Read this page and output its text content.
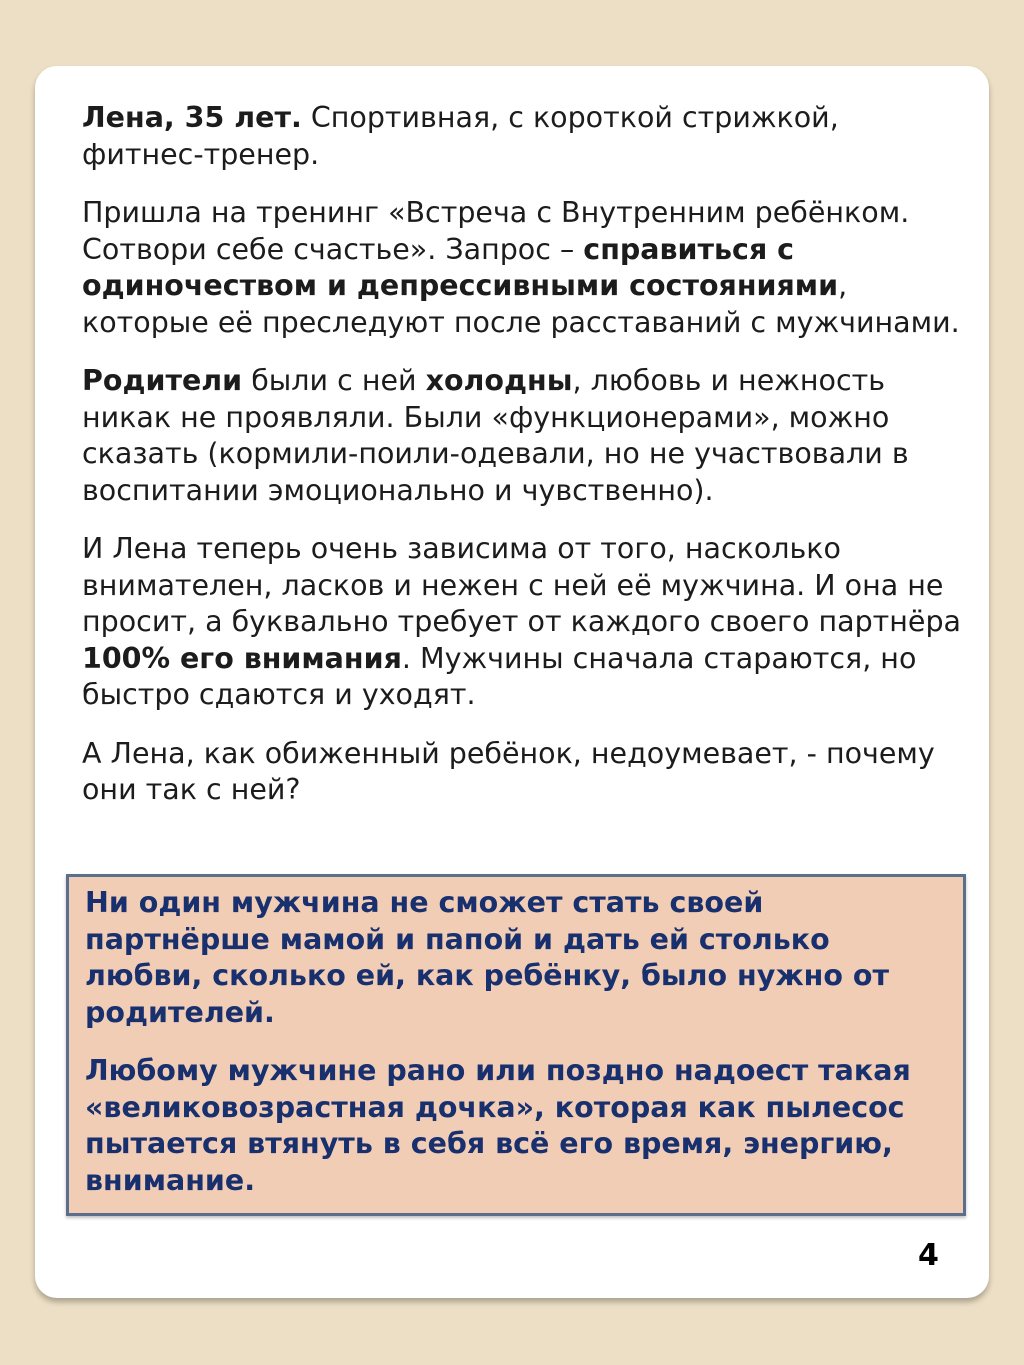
Лена, 35 лет. Спортивная, с короткой стрижкой, фитнес-тренер.

Пришла на тренинг «Встреча с Внутренним ребёнком. Сотвори себе счастье». Запрос – справиться с одиночеством и депрессивными состояниями, которые её преследуют после расставаний с мужчинами.

Родители были с ней холодны, любовь и нежность никак не проявляли. Были «функционерами», можно сказать (кормили-поили-одевали, но не участвовали в воспитании эмоционально и чувственно).

И Лена теперь очень зависима от того, насколько внимателен, ласков и нежен с ней её мужчина. И она не просит, а буквально требует от каждого своего партнёра 100% его внимания. Мужчины сначала стараются, но быстро сдаются и уходят.

А Лена, как обиженный ребёнок, недоумевает, - почему они так с ней?

Ни один мужчина не сможет стать своей партнёрше мамой и папой и дать ей столько любви, сколько ей, как ребёнку, было нужно от родителей.

Любому мужчине рано или поздно надоест такая «великовозрастная дочка», которая как пылесос пытается втянуть в себя всё его время, энергию, внимание.

4
